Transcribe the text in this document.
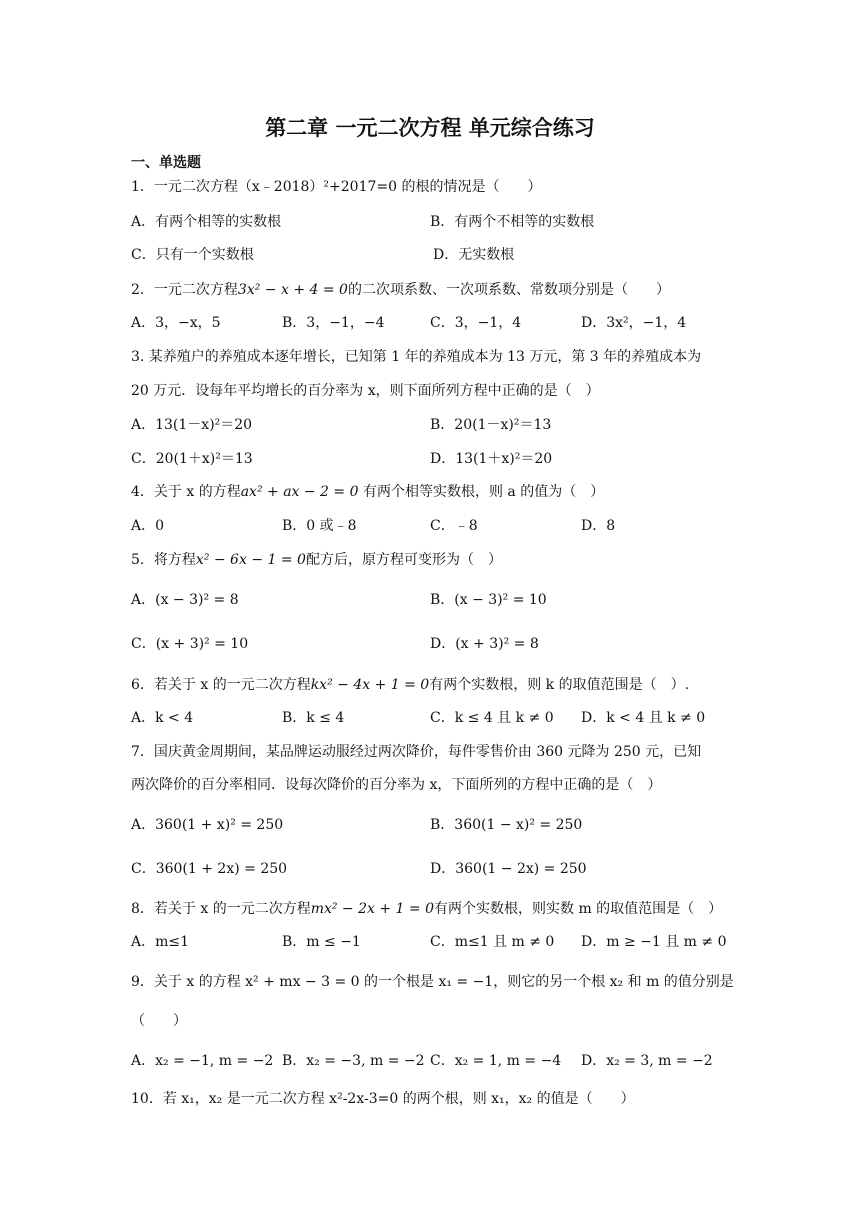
第二章 一元二次方程 单元综合练习
一、单选题
1．一元二次方程（x﹣2018）²+2017=0 的根的情况是（　　）
A．有两个相等的实数根	B．有两个不相等的实数根
C．只有一个实数根	D．无实数根
2．一元二次方程3x² − x + 4 = 0的二次项系数、一次项系数、常数项分别是（　　）
A．3，−x，5	B．3，−1，−4	C．3，−1，4	D．3x²，−1，4
3. 某养殖户的养殖成本逐年增长，已知第 1 年的养殖成本为 13 万元，第 3 年的养殖成本为
20 万元．设每年平均增长的百分率为 x，则下面所列方程中正确的是（　）
A．13(1－x)²＝20	B．20(1－x)²＝13
C．20(1＋x)²＝13	D．13(1＋x)²＝20
4．关于 x 的方程ax² + ax − 2 = 0 有两个相等实数根，则 a 的值为（　）
A．0	B．0 或﹣8	C．﹣8	D．8
5．将方程x² − 6x − 1 = 0配方后，原方程可变形为（　）
A．(x − 3)² = 8	B．(x − 3)² = 10
C．(x + 3)² = 10	D．(x + 3)² = 8
6．若关于 x 的一元二次方程kx² − 4x + 1 = 0有两个实数根，则 k 的取值范围是（　）.
A．k < 4	B．k ≤ 4	C．k ≤ 4 且 k ≠ 0 D．k < 4 且 k ≠ 0
7．国庆黄金周期间，某品牌运动服经过两次降价，每件零售价由 360 元降为 250 元，已知
两次降价的百分率相同．设每次降价的百分率为 x，下面所列的方程中正确的是（　）
A．360(1 + x)² = 250	B．360(1 − x)² = 250
C．360(1 + 2x) = 250	D．360(1 − 2x) = 250
8．若关于 x 的一元二次方程mx² − 2x + 1 = 0有两个实数根，则实数 m 的取值范围是（　）
A．m≤1	B．m ≤ −1	C．m≤1 且 m ≠ 0 D．m ≥ −1 且 m ≠ 0
9．关于 x 的方程 x² + mx − 3 = 0 的一个根是 x₁ = −1，则它的另一个根 x₂ 和 m 的值分别是
（　　）
A．x₂ = −1, m = −2 B．x₂ = −3, m = −2 C．x₂ = 1, m = −4 D．x₂ = 3, m = −2
10．若 x₁，x₂ 是一元二次方程 x²-2x-3=0 的两个根，则 x₁，x₂ 的值是（　　）
